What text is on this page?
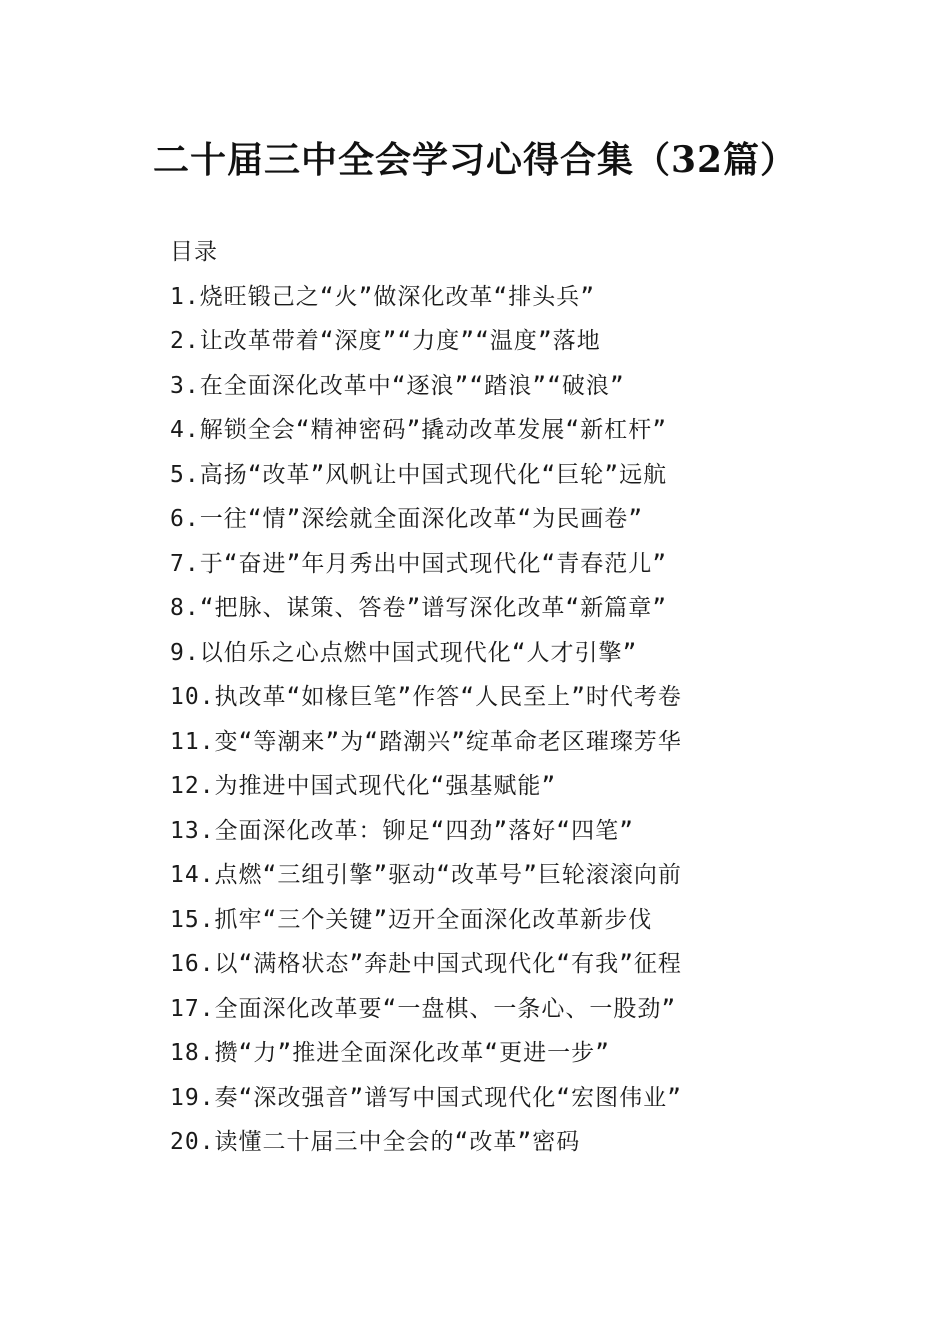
二十届三中全会学习心得合集（32篇）
目录
1.烧旺锻己之“火”做深化改革“排头兵”
2.让改革带着“深度”“力度”“温度”落地
3.在全面深化改革中“逐浪”“踏浪”“破浪”
4.解锁全会“精神密码”撬动改革发展“新杠杆”
5.高扬“改革”风帆让中国式现代化“巨轮”远航
6.一往“情”深绘就全面深化改革“为民画卷”
7.于“奋进”年月秀出中国式现代化“青春范儿”
8.“把脉、谋策、答卷”谱写深化改革“新篇章”
9.以伯乐之心点燃中国式现代化“人才引擎”
10.执改革“如椽巨笔”作答“人民至上”时代考卷
11.变“等潮来”为“踏潮兴”绽革命老区璀璨芳华
12.为推进中国式现代化“强基赋能”
13.全面深化改革：铆足“四劲”落好“四笔”
14.点燃“三组引擎”驱动“改革号”巨轮滚滚向前
15.抓牢“三个关键”迈开全面深化改革新步伐
16.以“满格状态”奔赴中国式现代化“有我”征程
17.全面深化改革要“一盘棋、一条心、一股劲”
18.攒“力”推进全面深化改革“更进一步”
19.奏“深改强音”谱写中国式现代化“宏图伟业”
20.读懂二十届三中全会的“改革”密码
